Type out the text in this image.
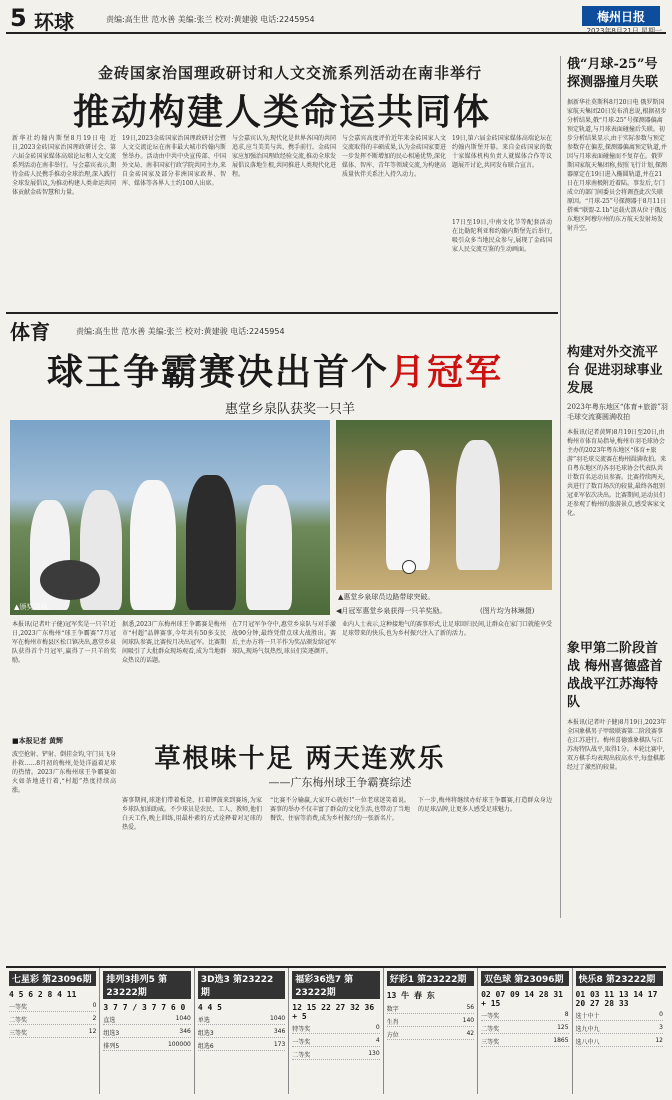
5 环球	责编:高生世 范水善 美编:张兰 校对:黄建骏 电话:2245954	梅州日报
2023年8月21日 星期一
金砖国家治国理政研讨和人文交流系列活动在南非举行
推动构建人类命运共同体
新华社约翰内斯堡8月19日电 近日,2023金砖国家治国理政研讨会、第六届金砖国家媒体高端论坛和人文交流系列活动在南非举行。与会嘉宾表示,期待金砖人民携手推动全球治理,深入践行全球发展倡议,为推动构建人类命运共同体贡献金砖智慧和力量。
19日,2023金砖国家治国理政研讨会暨人文交流论坛在南非最大城市约翰内斯堡举办。活动由中共中央宣传部、中国外文局、南非国家行政学院共同主办,来自金砖国家及部分非洲国家政界、智库、媒体等各界人士约100人出席。
与会嘉宾认为,现代化是世界各国的共同追求,应当美美与共、携手前行。金砖国家应加强治国理政经验交流,推动全球发展倡议落地生根,共同推进人类现代化进程。
与会嘉宾高度评价近年来金砖国家人文交流取得的丰硕成果,认为金砖国家要进一步发挥不断增加的民心相通优势,深化媒体、智库、青年等领域交流,为构建高质量伙伴关系注入持久动力。
19日,第六届金砖国家媒体高端论坛在约翰内斯堡开幕。来自金砖国家的数十家媒体机构负责人就媒体合作等议题展开讨论,共同发布联合宣言。
17日至19日,中南文化节等配套活动在比勒陀利亚和约翰内斯堡先后举行,吸引众多当地民众参与,展现了金砖国家人民交流互鉴的生动画面。
俄“月球-25”号探测器撞月失联
据新华社莫斯科8月20日电 俄罗斯国家航天集团20日发布消息说,根据初步分析结果,俄“月球-25”号探测器偏离预定轨道,与月球表面碰撞后失联。初步分析结果显示,由于实际参数与预定参数存在偏差,探测器偏离预定轨道,并因与月球表面碰撞而不复存在。俄罗斯国家航天集团称,按照飞行计划,探测器原定在19日进入椭圆轨道,并在21日在月球南极附近着陆。事发后,专门成立的部门间委员会将调查此次失联原因。“月球-25”号探测器于8月11日搭乘“联盟-2.1b”运载火箭从位于俄远东地区阿穆尔州的东方航天发射场发射升空。
体育	责编:高生世 范水善 美编:张兰 校对:黄建骏 电话:2245954
球王争霸赛决出首个月冠军
惠堂乡泉队获奖一只羊
▲颁奖现场。
▲惠堂乡泉球员边路带球突破。
◀月冠军惠堂乡泉获得一只羊奖励。	(图片均为林琳摄)
本报讯(记者叶子健)冠军奖是一只羊!近日,2023广东梅州“球王争霸赛”7月冠军在梅州市梅县区松口镇决出,惠堂乡泉队获得首个月冠军,赢得了一只羊的奖励。
据悉,2023广东梅州球王争霸赛是梅州市“村超”品牌赛事,今年共有50多支民间球队参赛,比赛按月决出冠军。比赛期间吸引了大批群众现场观看,成为当地群众热议的话题。
在7月冠军争夺中,惠堂乡泉队与对手激战90分钟,最终凭借点球大战胜出。赛后,主办方将一只羊作为奖品颁发给冠军球队,现场气氛热烈,球员们笑逐颜开。
业内人士表示,这种接地气的赛事形式,让足球回归民间,让群众在家门口就能享受足球带来的快乐,也为乡村振兴注入了新的活力。
构建对外交流平台 促进羽球事业发展
2023年粤东地区“体育+旅游”羽毛球交流赛圆满收拍
本报讯(记者黄辉)8月19日至20日,由梅州市体育局指导,梅州市羽毛球协会主办的2023年粤东地区“体育+旅游”羽毛球交流赛在梅州圆满收拍。来自粤东地区的各羽毛球协会代表队共计数百名运动员参赛。比赛持续两天,共进行了数百场次的较量,最终各组别冠亚军依次决出。比赛期间,运动员们还参观了梅州的旅游景点,感受客家文化。
象甲第二阶段首战 梅州喜德盛首战战平江苏海特队
本报讯(记者叶子健)8月19日,2023年全国象棋男子甲级联赛第二阶段赛事在江苏进行。梅州喜德盛象棋队与江苏海特队战平,取得1分。本轮比赛中,双方棋手均表现出较高水平,每盘棋都经过了激烈的较量。
■本报记者 黄辉
草根味十足 两天连欢乐
——广东梅州球王争霸赛综述
波空抢射、铲射、倒挂金钩,守门员飞身扑救……8月初的梅州,处处洋溢着足球的热情。2023广东梅州球王争霸赛如火如荼地进行着,“村超”热度持续高涨。
赛事期间,球迷们带着板凳、扛着锣鼓来到赛场,为家乡球队加油助威。不少球员是农民、工人、教师,他们白天工作,晚上训练,用最朴素的方式诠释着对足球的热爱。
“比赛不分输赢,大家开心就好!”一位老球迷笑着说。赛事的举办不仅丰富了群众的文化生活,也带动了当地餐饮、住宿等消费,成为乡村振兴的一张新名片。
下一步,梅州将继续办好球王争霸赛,打造群众身边的足球品牌,让更多人感受足球魅力。
七星彩 第23096期
4 5 6 2 8 4 11
一等奖	0
二等奖	2
三等奖	12
排列3排列5 第23222期
3 7 7 / 3 7 7 6 0
直选	1040
组选3	346
排列5	100000
3D选3 第23222期
4 4 5
单选	1040
组选3	346
组选6	173
福彩36选7 第23222期
12 15 22 27 32 36 + 5
特等奖	0
一等奖	4
二等奖	130
好彩1 第23222期
13 牛 春 东
数字	56
生肖	140
方位	42
双色球 第23096期
02 07 09 14 28 31 + 15
一等奖	8
二等奖	125
三等奖	1865
快乐8 第23222期
01 03 11 13 14 17 20 27 28 33
选十中十	0
选九中九	3
选八中八	12
